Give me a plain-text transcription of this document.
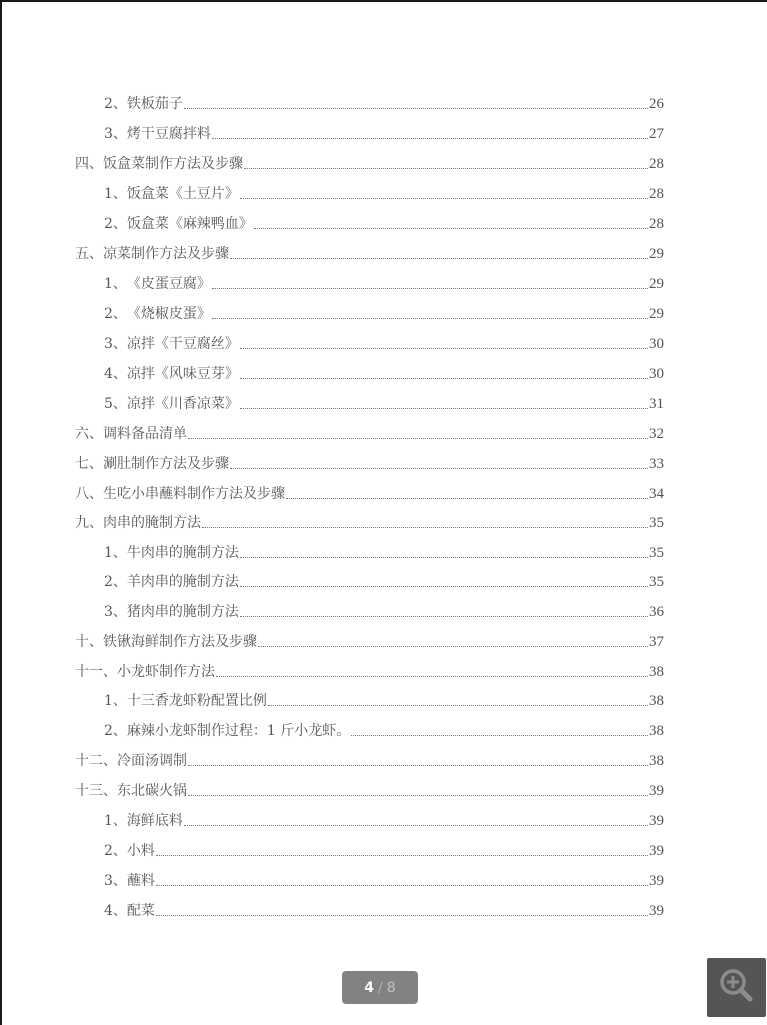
2、 铁板茄子	26
3、 烤干豆腐拌料	27
四、 饭盒菜制作方法及步骤	28
1、 饭盒菜《土豆片》	28
2、 饭盒菜《麻辣鸭血》	28
五、 凉菜制作方法及步骤	29
1、 《皮蛋豆腐》	29
2、 《烧椒皮蛋》	29
3、 凉拌《干豆腐丝》	30
4、 凉拌《风味豆芽》	30
5、 凉拌《川香凉菜》	31
六、 调料备品清单	32
七、 涮肚制作方法及步骤	33
八、 生吃小串蘸料制作方法及步骤	34
九、 肉串的腌制方法	35
1、 牛肉串的腌制方法	35
2、 羊肉串的腌制方法	35
3、 猪肉串的腌制方法	36
十、 铁锹海鲜制作方法及步骤	37
十一、 小龙虾制作方法	38
1、 十三香龙虾粉配置比例	38
2、 麻辣小龙虾制作过程：1 斤小龙虾。	38
十二、 冷面汤调制	38
十三、 东北碳火锅	39
1、 海鲜底料	39
2、 小料	39
3、 蘸料	39
4、 配菜	39
4 / 8
